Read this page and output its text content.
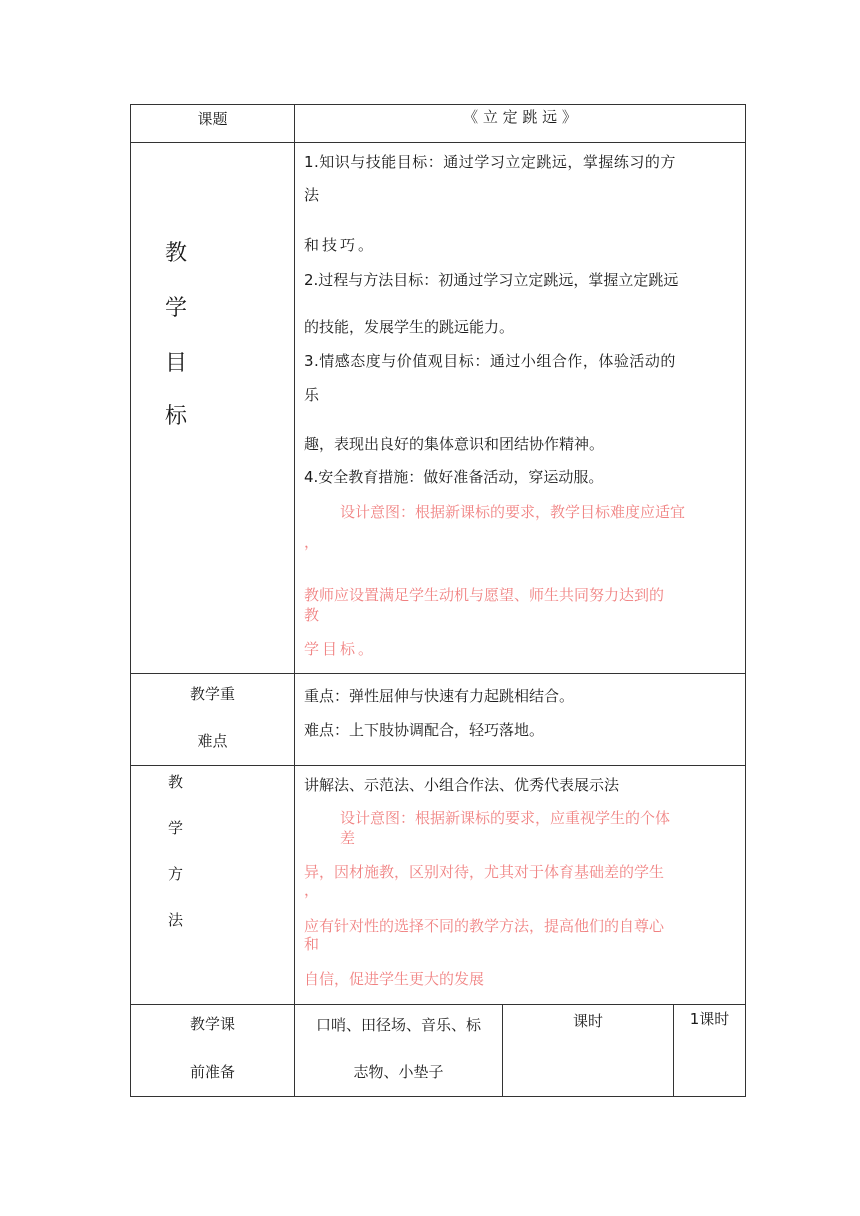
课题	《 立 定 跳 远 》
教
学
目
标
1.知识与技能目标：通过学习立定跳远，掌握练习的方
法
和技巧。
2.过程与方法目标：初通过学习立定跳远，掌握立定跳远
的技能，发展学生的跳远能力。
3.情感态度与价值观目标：通过小组合作，体验活动的
乐
趣，表现出良好的集体意识和团结协作精神。
4.安全教育措施：做好准备活动，穿运动服。
设计意图：根据新课标的要求，教学目标难度应适宜
，
教师应设置满足学生动机与愿望、师生共同努力达到的
教
学目标。
教学重
难点
重点：弹性屈伸与快速有力起跳相结合。
难点：上下肢协调配合，轻巧落地。
教
学
方
法
讲解法、示范法、小组合作法、优秀代表展示法
设计意图：根据新课标的要求，应重视学生的个体
差
异，因材施教，区别对待，尤其对于体育基础差的学生
，
应有针对性的选择不同的教学方法，提高他们的自尊心
和
自信，促进学生更大的发展
教学课
前准备
口哨、田径场、音乐、标
志物、小垫子
课时	1课时
